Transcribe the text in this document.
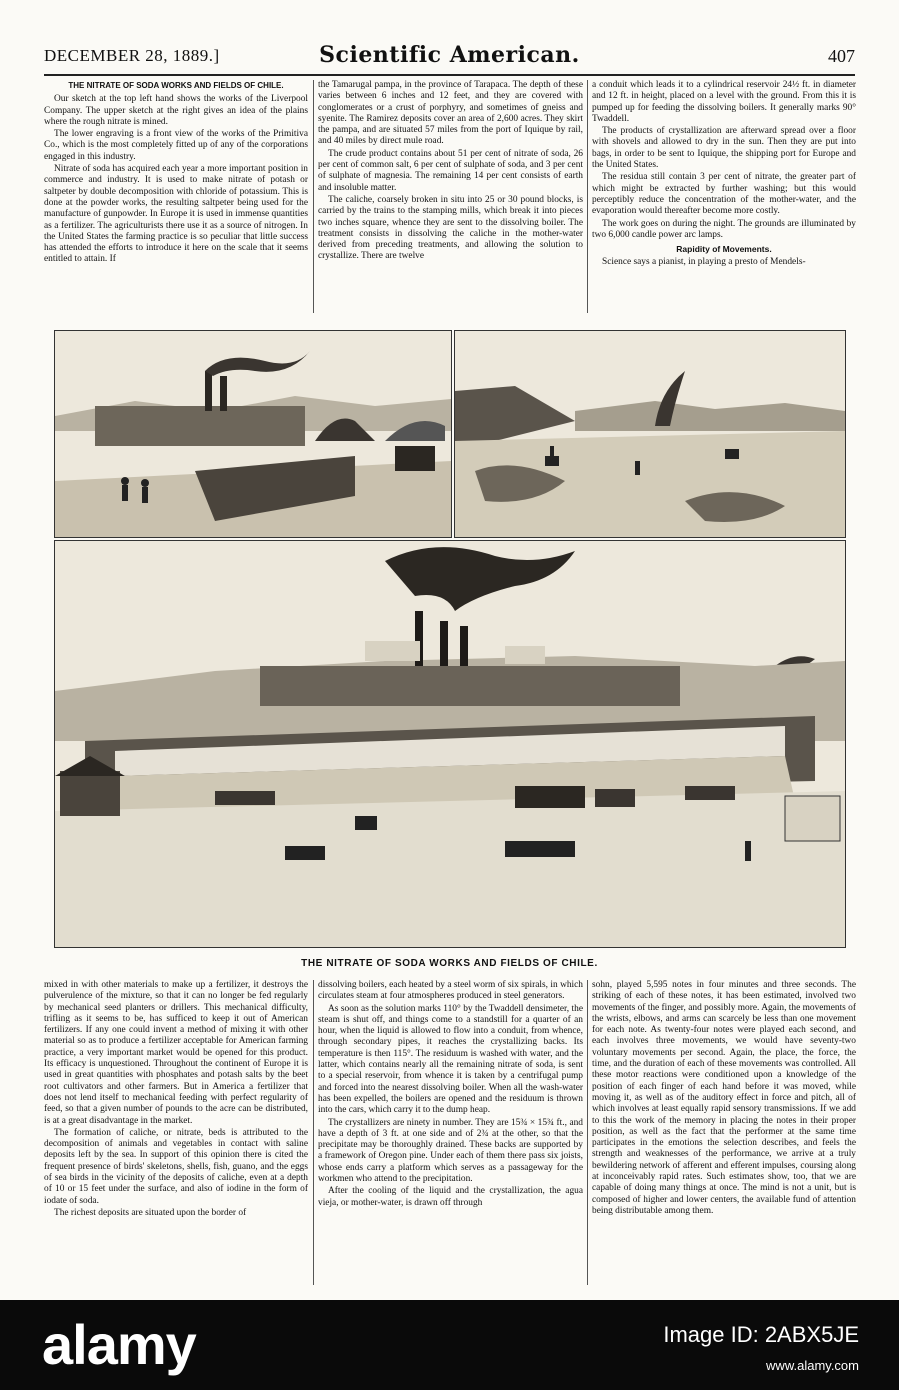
DECEMBER 28, 1889.]	Scientific American.	407

THE NITRATE OF SODA WORKS AND FIELDS OF CHILE.

Our sketch at the top left hand shows the works of the Liverpool Company. The upper sketch at the right gives an idea of the plains where the rough nitrate is mined.

The lower engraving is a front view of the works of the Primitiva Co., which is the most completely fitted up of any of the corporations engaged in this industry.

Nitrate of soda has acquired each year a more important position in commerce and industry. It is used to make nitrate of potash or saltpeter by double decomposition with chloride of potassium. This is done at the powder works, the resulting saltpeter being used for the manufacture of gunpowder. In Europe it is used in immense quantities as a fertilizer. The agriculturists there use it as a source of nitrogen. In the United States the farming practice is so peculiar that little success has attended the efforts to introduce it here on the scale that it seems entitled to attain. If

the Tamarugal pampa, in the province of Tarapaca. The depth of these varies between 6 inches and 12 feet, and they are covered with conglomerates or a crust of porphyry, and sometimes of gneiss and syenite. The Ramirez deposits cover an area of 2,600 acres. They skirt the pampa, and are situated 57 miles from the port of Iquique by rail, and 40 miles by direct mule road.

The crude product contains about 51 per cent of nitrate of soda, 26 per cent of common salt, 6 per cent of sulphate of soda, and 3 per cent of sulphate of magnesia. The remaining 14 per cent consists of earth and insoluble matter.

The caliche, coarsely broken in situ into 25 or 30 pound blocks, is carried by the trains to the stamping mills, which break it into pieces two inches square, whence they are sent to the dissolving boiler. The treatment consists in dissolving the caliche in the mother-water derived from preceding treatments, and allowing the solution to crystallize. There are twelve

a conduit which leads it to a cylindrical reservoir 24½ ft. in diameter and 12 ft. in height, placed on a level with the ground. From this it is pumped up for feeding the dissolving boilers. It generally marks 90° Twaddell.

The products of crystallization are afterward spread over a floor with shovels and allowed to dry in the sun. Then they are put into bags, in order to be sent to Iquique, the shipping port for Europe and the United States.

The residua still contain 3 per cent of nitrate, the greater part of which might be extracted by further washing; but this would perceptibly reduce the concentration of the mother-water, and the evaporation would thereafter become more costly.

The work goes on during the night. The grounds are illuminated by two 6,000 candle power arc lamps.

Rapidity of Movements.

Science says a pianist, in playing a presto of Mendels-

THE NITRATE OF SODA WORKS AND FIELDS OF CHILE.

mixed in with other materials to make up a fertilizer, it destroys the pulverulence of the mixture, so that it can no longer be fed regularly by mechanical seed planters or drillers. This mechanical difficulty, trifling as it seems to be, has sufficed to keep it out of American fertilizers. If any one could invent a method of mixing it with other material so as to produce a fertilizer acceptable for American farming practice, a very important market would be opened for this product. Its efficacy is unquestioned. Throughout the continent of Europe it is used in great quantities with phosphates and potash salts by the beet root cultivators and other farmers. But in America a fertilizer that does not lend itself to mechanical feeding with perfect regularity of feed, so that a given number of pounds to the acre can be distributed, is at a great disadvantage in the market.

The formation of caliche, or nitrate, beds is attributed to the decomposition of animals and vegetables in contact with saline deposits left by the sea. In support of this opinion there is cited the frequent presence of birds' skeletons, shells, fish, guano, and the eggs of sea birds in the vicinity of the deposits of caliche, even at a depth of 10 or 15 feet under the surface, and also of iodine in the form of iodate of soda.

The richest deposits are situated upon the border of

dissolving boilers, each heated by a steel worm of six spirals, in which circulates steam at four atmospheres produced in steel generators.

As soon as the solution marks 110° by the Twaddell densimeter, the steam is shut off, and things come to a standstill for a quarter of an hour, when the liquid is allowed to flow into a conduit, from whence, through secondary pipes, it reaches the crystallizing backs. Its temperature is then 115°. The residuum is washed with water, and the latter, which contains nearly all the remaining nitrate of soda, is sent to a special reservoir, from whence it is taken by a centrifugal pump and forced into the nearest dissolving boiler. When all the wash-water has been expelled, the boilers are opened and the residuum is thrown into the cars, which carry it to the dump heap.

The crystallizers are ninety in number. They are 15¾ × 15¾ ft., and have a depth of 3 ft. at one side and of 2¾ at the other, so that the precipitate may be thoroughly drained. These backs are supported by a framework of Oregon pine. Under each of them there pass six joists, whose ends carry a platform which serves as a passageway for the workmen who attend to the precipitation.

After the cooling of the liquid and the crystallization, the agua vieja, or mother-water, is drawn off through

sohn, played 5,595 notes in four minutes and three seconds. The striking of each of these notes, it has been estimated, involved two movements of the finger, and possibly more. Again, the movements of the wrists, elbows, and arms can scarcely be less than one movement for each note. As twenty-four notes were played each second, and each involves three movements, we would have seventy-two voluntary movements per second. Again, the place, the force, the time, and the duration of each of these movements was controlled. All these motor reactions were conditioned upon a knowledge of the position of each finger of each hand before it was moved, while moving it, as well as of the auditory effect in force and pitch, all of which involves at least equally rapid sensory transmissions. If we add to this the work of the memory in placing the notes in their proper position, as well as the fact that the performer at the same time participates in the emotions the selection describes, and feels the strength and weaknesses of the performance, we arrive at a truly bewildering network of afferent and efferent impulses, coursing along at inconceivably rapid rates. Such estimates show, too, that we are capable of doing many things at once. The mind is not a unit, but is composed of higher and lower centers, the available fund of attention being distributable among them.

alamy	Image ID: 2ABX5JE
www.alamy.com
